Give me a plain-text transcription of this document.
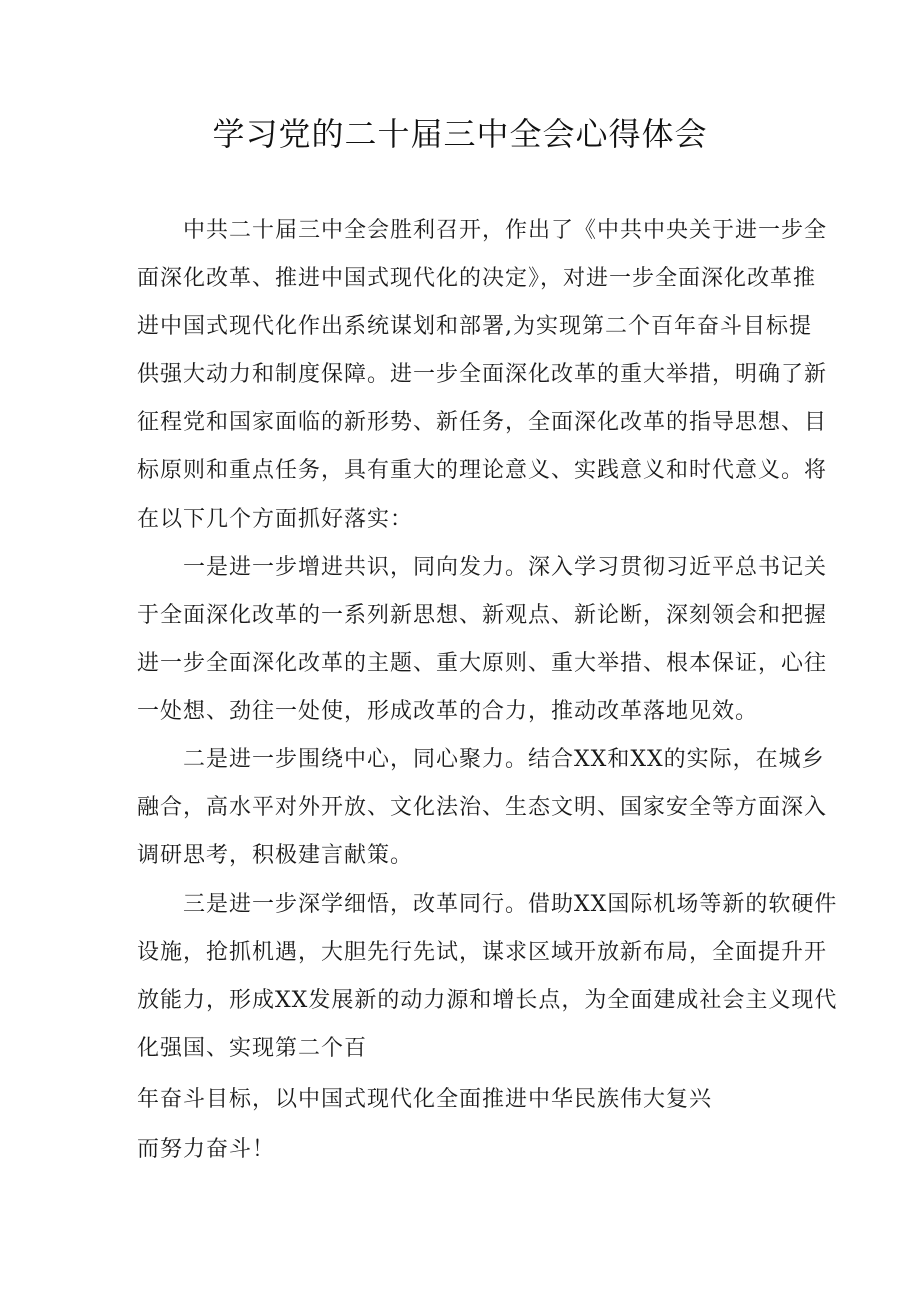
学习党的二十届三中全会心得体会
中共二十届三中全会胜利召开，作出了《中共中央关于进一步全
面深化改革、推进中国式现代化的决定》，对进一步全面深化改革推
进中国式现代化作出系统谋划和部署,为实现第二个百年奋斗目标提
供强大动力和制度保障。进一步全面深化改革的重大举措，明确了新
征程党和国家面临的新形势、新任务，全面深化改革的指导思想、目
标原则和重点任务，具有重大的理论意义、实践意义和时代意义。将
在以下几个方面抓好落实：
一是进一步增进共识，同向发力。深入学习贯彻习近平总书记关
于全面深化改革的一系列新思想、新观点、新论断，深刻领会和把握
进一步全面深化改革的主题、重大原则、重大举措、根本保证，心往
一处想、劲往一处使，形成改革的合力，推动改革落地见效。
二是进一步围绕中心，同心聚力。结合XX和XX的实际，在城乡
融合，高水平对外开放、文化法治、生态文明、国家安全等方面深入
调研思考，积极建言献策。
三是进一步深学细悟，改革同行。借助XX国际机场等新的软硬件
设施，抢抓机遇，大胆先行先试，谋求区域开放新布局，全面提升开
放能力，形成XX发展新的动力源和增长点，为全面建成社会主义现代
化强国、实现第二个百
年奋斗目标，以中国式现代化全面推进中华民族伟大复兴
而努力奋斗！
